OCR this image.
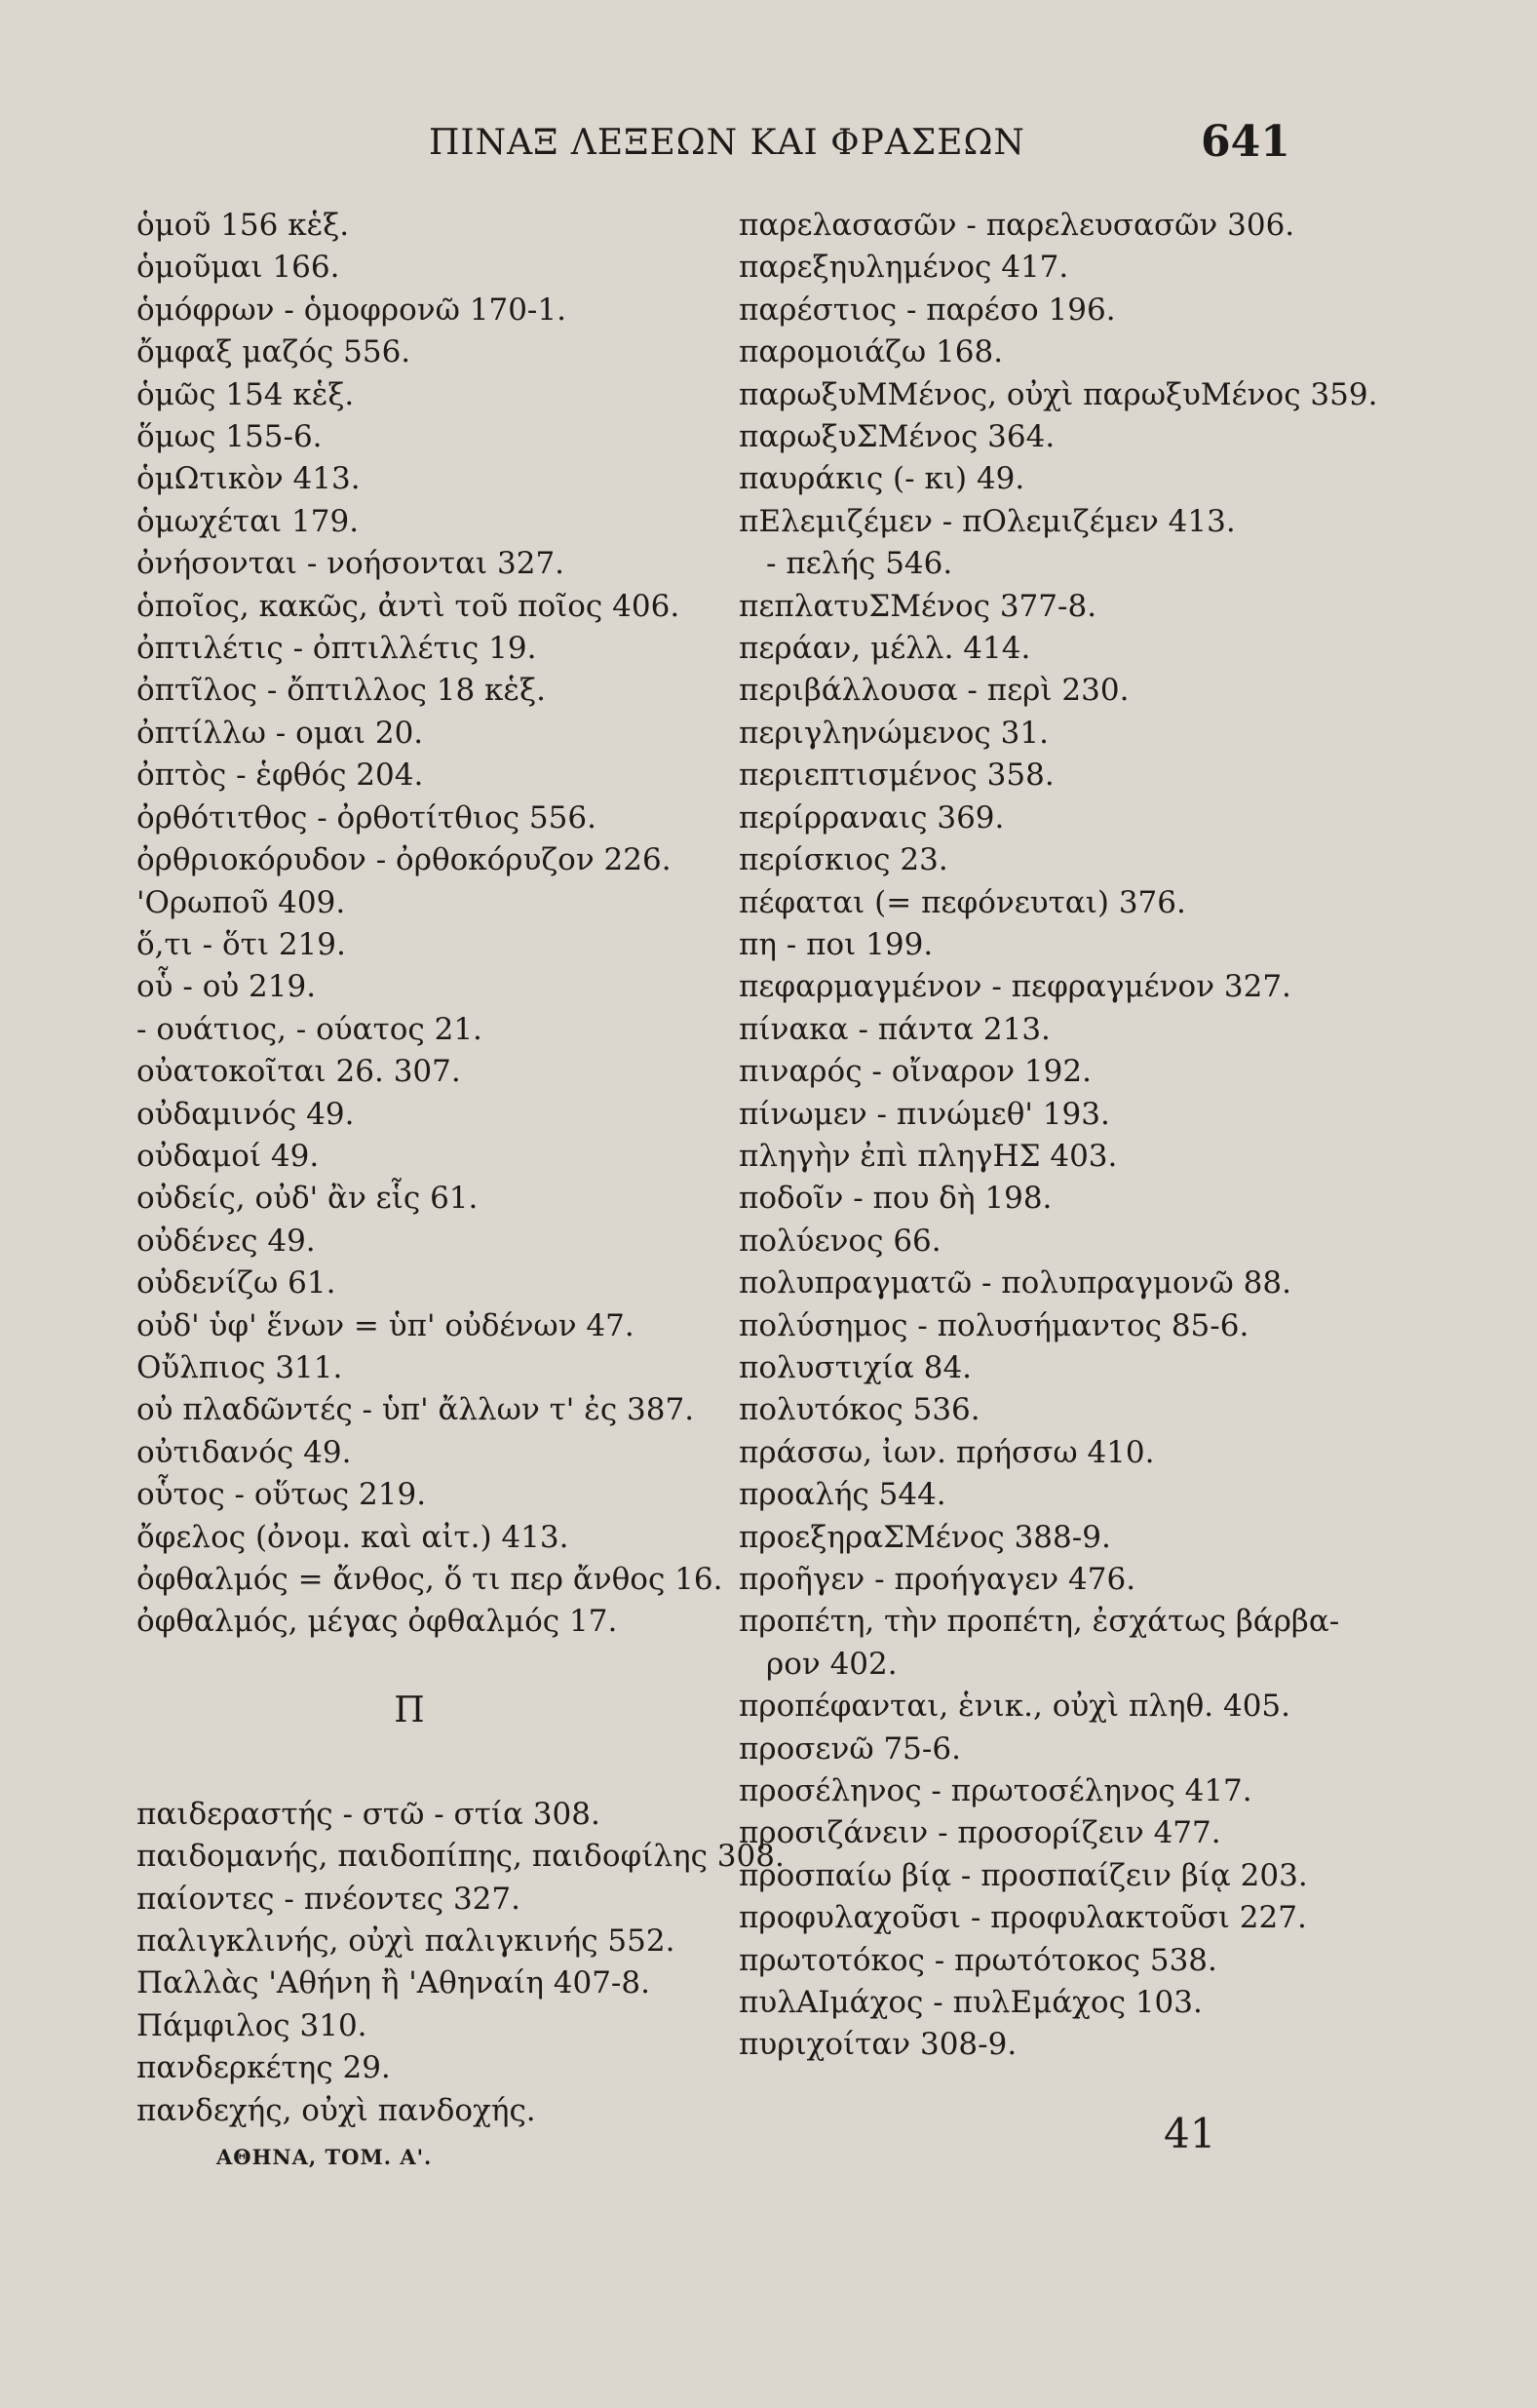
ΠΙΝΑΞ ΛΕΞΕΩΝ ΚΑΙ ΦΡΑΣΕΩΝ	641
ὁμοῦ 156 κἑξ.
ὁμοῦμαι 166.
ὁμόφρων - ὁμοφρονῶ 170-1.
ὄμφαξ μαζός 556.
ὁμῶς 154 κἑξ.
ὅμως 155-6.
ὁμΩτικὸν 413.
ὁμωχέται 179.
ὀνήσονται - νοήσονται 327.
ὁποῖος, κακῶς, ἀντὶ τοῦ ποῖος 406.
ὀπτιλέτις - ὀπτιλλέτις 19.
ὀπτῖλος - ὄπτιλλος 18 κἑξ.
ὀπτίλλω - ομαι 20.
ὀπτὸς - ἑφθός 204.
ὀρθότιτθος - ὀρθοτίτθιος 556.
ὀρθριοκόρυδον - ὀρθοκόρυζον 226.
'Ορωποῦ 409.
ὅ,τι - ὅτι 219.
οὗ - οὐ 219.
- ουάτιος, - ούατος 21.
οὐατοκοῖται 26. 307.
οὐδαμινός 49.
οὐδαμοί 49.
οὐδείς, οὐδ' ἂν εἷς 61.
οὐδένες 49.
οὐδενίζω 61.
οὐδ' ὑφ' ἕνων = ὑπ' οὐδένων 47.
Οὔλπιος 311.
οὐ πλαδῶντές - ὑπ' ἄλλων τ' ἐς 387.
οὐτιδανός 49.
οὗτος - οὕτως 219.
ὄφελος (ὀνομ. καὶ αἰτ.) 413.
ὀφθαλμός = ἄνθος, ὅ τι περ ἄνθος 16.
ὀφθαλμός, μέγας ὀφθαλμός 17.
Π
παιδεραστής - στῶ - στία 308.
παιδομανής, παιδοπίπης, παιδοφίλης 308.
παίοντες - πνέοντες 327.
παλιγκλινής, οὐχὶ παλιγκινής 552.
Παλλὰς 'Αθήνη ἢ 'Αθηναίη 407-8.
Πάμφιλος 310.
πανδερκέτης 29.
πανδεχής, οὐχὶ πανδοχής.
παρελασασῶν - παρελευσασῶν 306.
παρεξηυλημένος 417.
παρέστιος - παρέσο 196.
παρομοιάζω 168.
παρωξυΜΜένος, οὐχὶ παρωξυΜένος 359.
παρωξυΣΜένος 364.
παυράκις (- κι) 49.
πΕλεμιζέμεν - πΟλεμιζέμεν 413.
- πελής 546.
πεπλατυΣΜένος 377-8.
περάαν, μέλλ. 414.
περιβάλλουσα - περὶ 230.
περιγληνώμενος 31.
περιεπτισμένος 358.
περίρραναις 369.
περίσκιος 23.
πέφαται (= πεφόνευται) 376.
πη - ποι 199.
πεφαρμαγμένον - πεφραγμένον 327.
πίνακα - πάντα 213.
πιναρός - οἴναρον 192.
πίνωμεν - πινώμεθ' 193.
πληγὴν ἐπὶ πληγΗΣ 403.
ποδοῖν - που δὴ 198.
πολύενος 66.
πολυπραγματῶ - πολυπραγμονῶ 88.
πολύσημος - πολυσήμαντος 85-6.
πολυστιχία 84.
πολυτόκος 536.
πράσσω, ἰων. πρήσσω 410.
προαλής 544.
προεξηραΣΜένος 388-9.
προῆγεν - προήγαγεν 476.
προπέτη, τὴν προπέτη, ἐσχάτως βάρβα-
ρον 402.
προπέφανται, ἑνικ., οὐχὶ πληθ. 405.
προσενῶ 75-6.
προσέληνος - πρωτοσέληνος 417.
προσιζάνειν - προσορίζειν 477.
προσπαίω βίᾳ - προσπαίζειν βίᾳ 203.
προφυλαχοῦσι - προφυλακτοῦσι 227.
πρωτοτόκος - πρωτότοκος 538.
πυλΑΙμάχος - πυλΕμάχος 103.
πυριχοίταν 308-9.
ΑΘΗΝΑ, ΤΟΜ. Α'.	41
